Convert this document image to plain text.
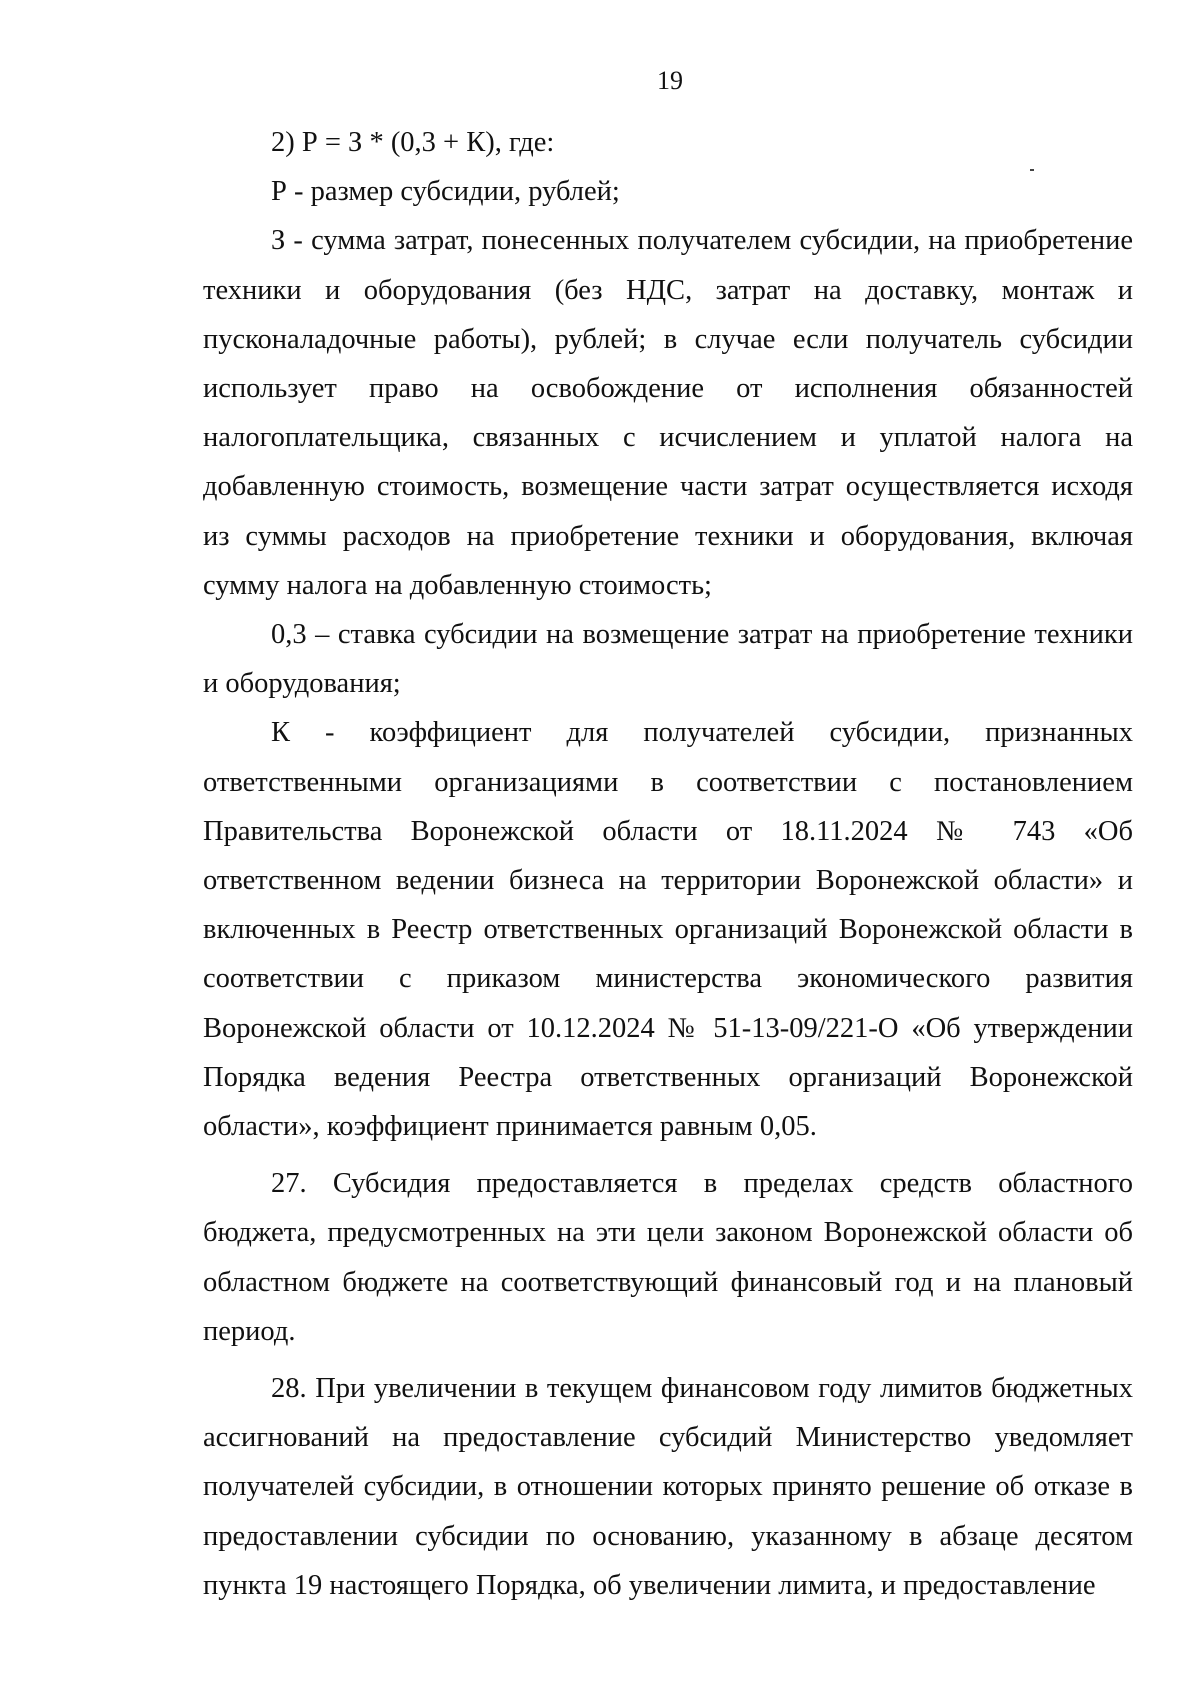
19

2) Р = З * (0,3 + К), где:

Р - размер субсидии, рублей;

З - сумма затрат, понесенных получателем субсидии, на приобретение техники и оборудования (без НДС, затрат на доставку, монтаж и пусконаладочные работы), рублей; в случае если получатель субсидии использует право на освобождение от исполнения обязанностей налогоплательщика, связанных с исчислением и уплатой налога на добавленную стоимость, возмещение части затрат осуществляется исходя из суммы расходов на приобретение техники и оборудования, включая сумму налога на добавленную стоимость;

0,3 – ставка субсидии на возмещение затрат на приобретение техники и оборудования;

К - коэффициент для получателей субсидии, признанных ответственными организациями в соответствии с постановлением Правительства Воронежской области от 18.11.2024 № 743 «Об ответственном ведении бизнеса на территории Воронежской области» и включенных в Реестр ответственных организаций Воронежской области в соответствии с приказом министерства экономического развития Воронежской области от 10.12.2024 № 51-13-09/221-О «Об утверждении Порядка ведения Реестра ответственных организаций Воронежской области», коэффициент принимается равным 0,05.

27. Субсидия предоставляется в пределах средств областного бюджета, предусмотренных на эти цели законом Воронежской области об областном бюджете на соответствующий финансовый год и на плановый период.

28. При увеличении в текущем финансовом году лимитов бюджетных ассигнований на предоставление субсидий Министерство уведомляет получателей субсидии, в отношении которых принято решение об отказе в предоставлении субсидии по основанию, указанному в абзаце десятом пункта 19 настоящего Порядка, об увеличении лимита, и предоставление
